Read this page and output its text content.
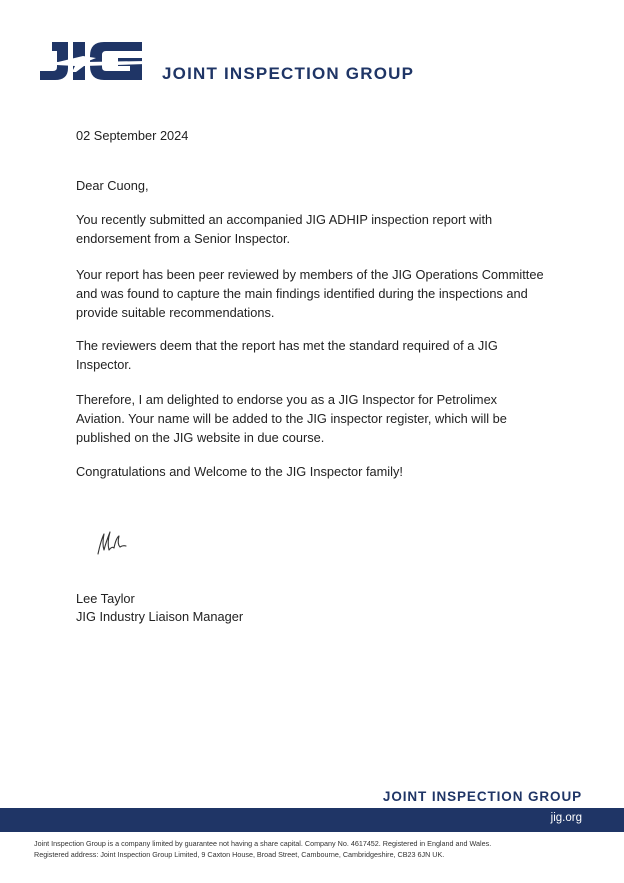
JOINT INSPECTION GROUP

02 September 2024

Dear Cuong,

You recently submitted an accompanied JIG ADHIP inspection report with endorsement from a Senior Inspector.

Your report has been peer reviewed by members of the JIG Operations Committee and was found to capture the main findings identified during the inspections and provide suitable recommendations.

The reviewers deem that the report has met the standard required of a JIG Inspector.

Therefore, I am delighted to endorse you as a JIG Inspector for Petrolimex Aviation. Your name will be added to the JIG inspector register, which will be published on the JIG website in due course.

Congratulations and Welcome to the JIG Inspector family!

Lee Taylor

JIG Industry Liaison Manager

JOINT INSPECTION GROUP
jig.org
Joint Inspection Group is a company limited by guarantee not having a share capital. Company No. 4617452. Registered in England and Wales.
Registered address: Joint Inspection Group Limited, 9 Caxton House, Broad Street, Cambourne, Cambridgeshire, CB23 6JN UK.
